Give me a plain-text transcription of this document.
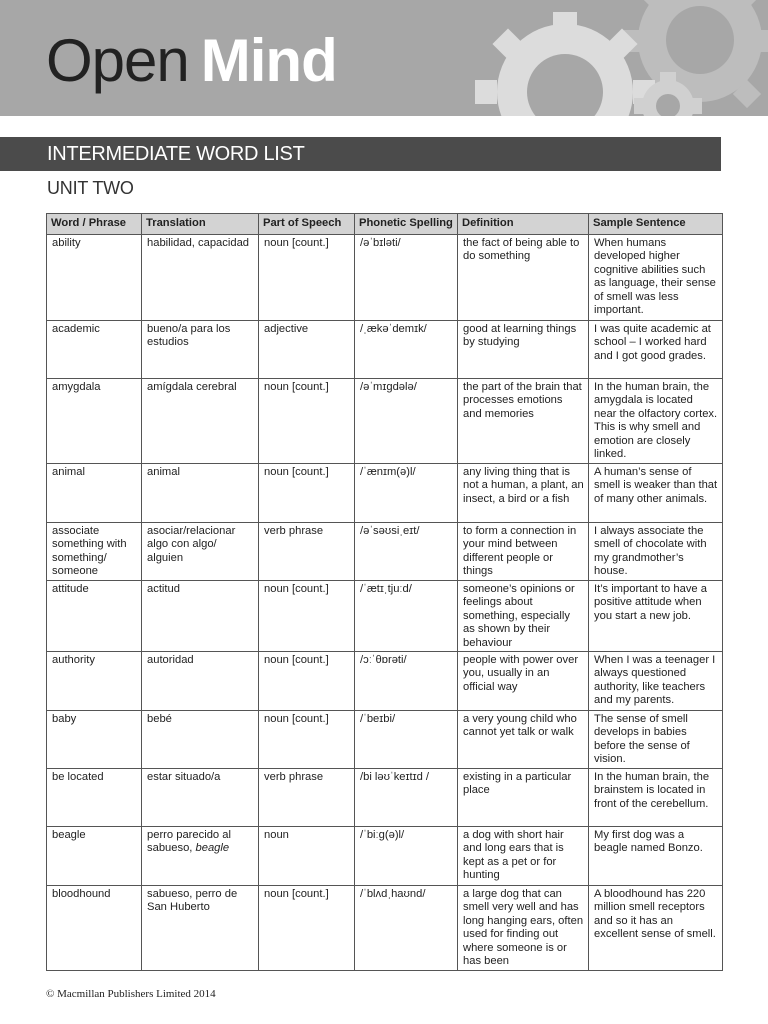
Open Mind
INTERMEDIATE WORD LIST
UNIT TWO
Word / Phrase	Translation	Part of Speech	Phonetic Spelling	Definition	Sample Sentence
ability	habilidad, capacidad	noun [count.]	/əˈbɪləti/	the fact of being able to do something	When humans developed higher cognitive abilities such as language, their sense of smell was less important.
academic	bueno/a para los estudios	adjective	/ˌækəˈdemɪk/	good at learning things by studying	I was quite academic at school – I worked hard and I got good grades.
amygdala	amígdala cerebral	noun [count.]	/əˈmɪɡdələ/	the part of the brain that processes emotions and memories	In the human brain, the amygdala is located near the olfactory cortex. This is why smell and emotion are closely linked.
animal	animal	noun [count.]	/ˈænɪm(ə)l/	any living thing that is not a human, a plant, an insect, a bird or a fish	A human’s sense of smell is weaker than that of many other animals.
associate something with something/ someone	asociar/relacionar algo con algo/ alguien	verb phrase	/əˈsəʊsiˌeɪt/	to form a connection in your mind between different people or things	I always associate the smell of chocolate with my grandmother’s house.
attitude	actitud	noun [count.]	/ˈætɪˌtjuːd/	someone’s opinions or feelings about something, especially as shown by their behaviour	It’s important to have a positive attitude when you start a new job.
authority	autoridad	noun [count.]	/ɔːˈθɒrəti/	people with power over you, usually in an official way	When I was a teenager I always questioned authority, like teachers and my parents.
baby	bebé	noun [count.]	/ˈbeɪbi/	a very young child who cannot yet talk or walk	The sense of smell develops in babies before the sense of vision.
be located	estar situado/a	verb phrase	/bi ləʊˈkeɪtɪd /	existing in a particular place	In the human brain, the brainstem is located in front of the cerebellum.
beagle	perro parecido al sabueso, beagle	noun	/ˈbiːɡ(ə)l/	a dog with short hair and long ears that is kept as a pet or for hunting	My first dog was a beagle named Bonzo.
bloodhound	sabueso, perro de San Huberto	noun [count.]	/ˈblʌdˌhaʊnd/	a large dog that can smell very well and has long hanging ears, often used for finding out where someone is or has been	A bloodhound has 220 million smell receptors and so it has an excellent sense of smell.
© Macmillan Publishers Limited 2014
